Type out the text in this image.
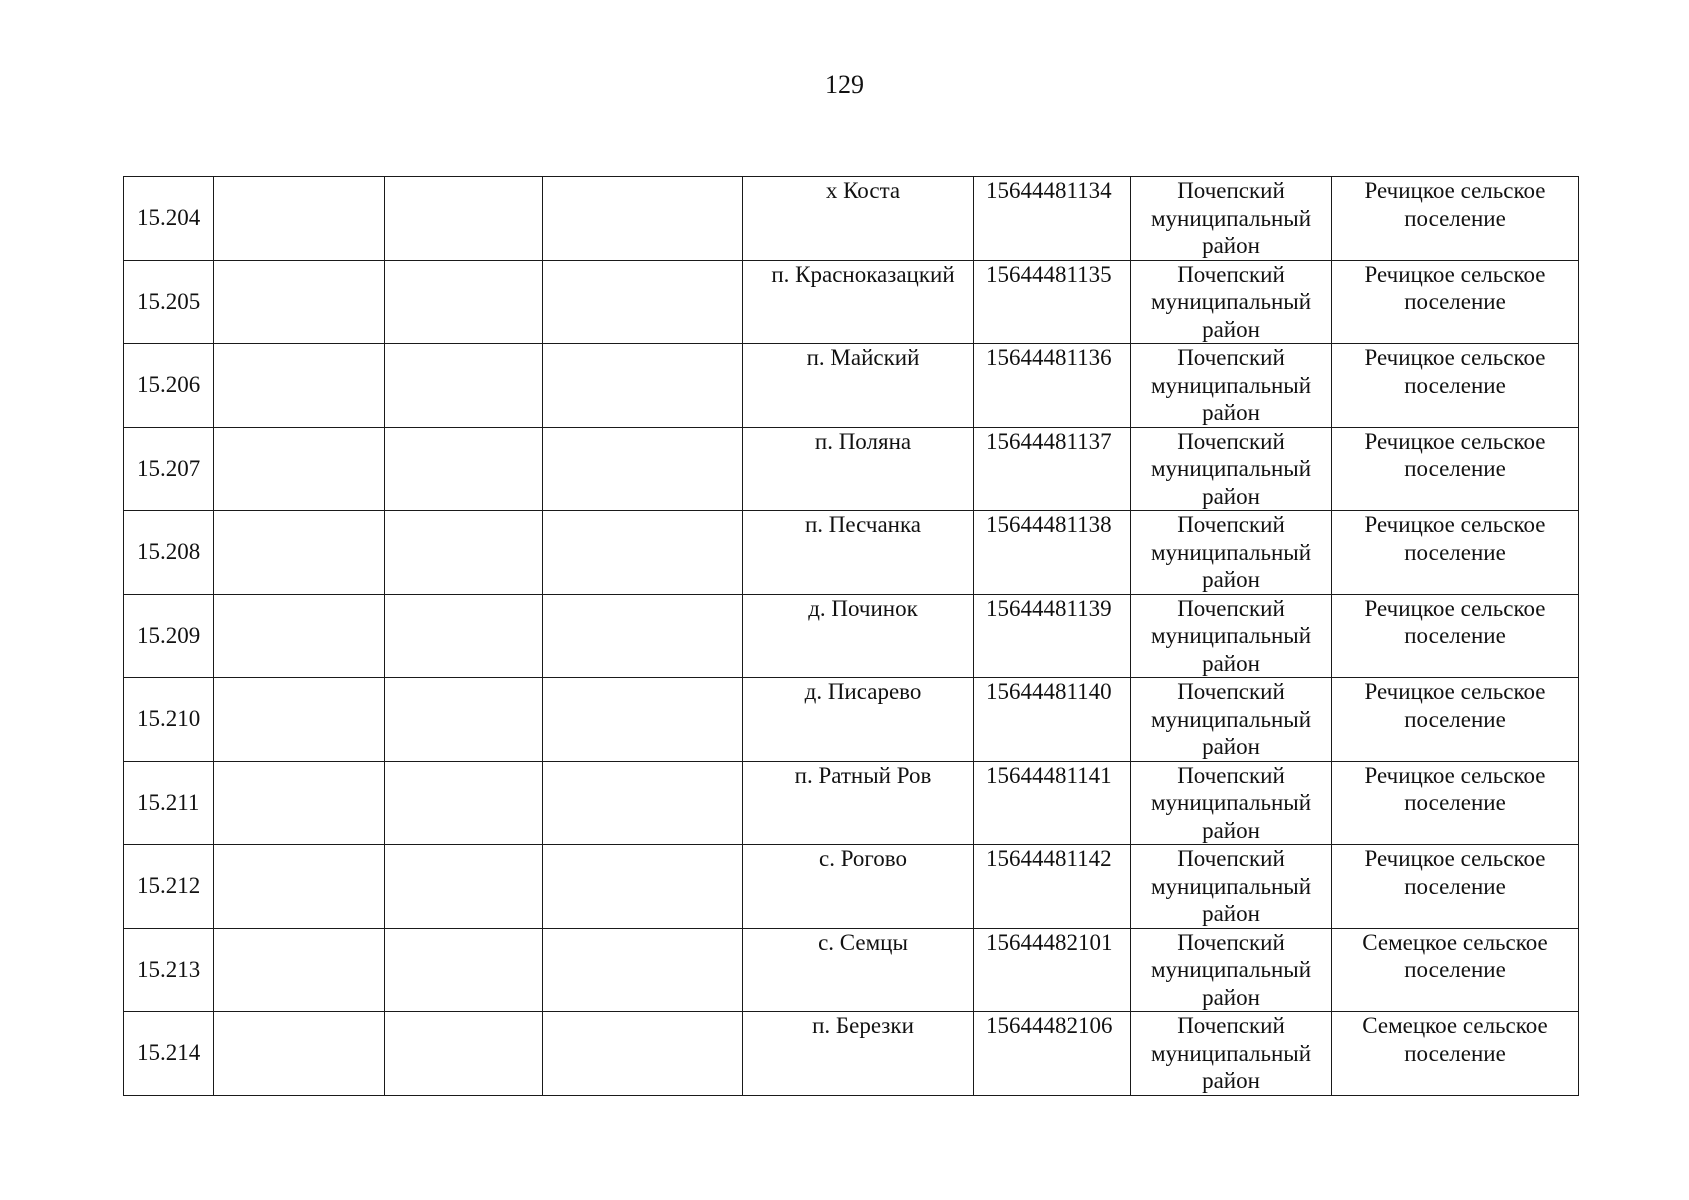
129
15.204				х Коста	15644481134	Почепский
муниципальный
район	Речицкое сельское
поселение

15.205				п. Красноказацкий	15644481135	Почепский
муниципальный
район	Речицкое сельское
поселение

15.206				п. Майский	15644481136	Почепский
муниципальный
район	Речицкое сельское
поселение

15.207				п. Поляна	15644481137	Почепский
муниципальный
район	Речицкое сельское
поселение

15.208				п. Песчанка	15644481138	Почепский
муниципальный
район	Речицкое сельское
поселение

15.209				д. Починок	15644481139	Почепский
муниципальный
район	Речицкое сельское
поселение

15.210				д. Писарево	15644481140	Почепский
муниципальный
район	Речицкое сельское
поселение

15.211				п. Ратный Ров	15644481141	Почепский
муниципальный
район	Речицкое сельское
поселение

15.212				с. Рогово	15644481142	Почепский
муниципальный
район	Речицкое сельское
поселение

15.213				с. Семцы	15644482101	Почепский
муниципальный
район	Семецкое сельское
поселение

15.214				п. Березки	15644482106	Почепский
муниципальный
район	Семецкое сельское
поселение
